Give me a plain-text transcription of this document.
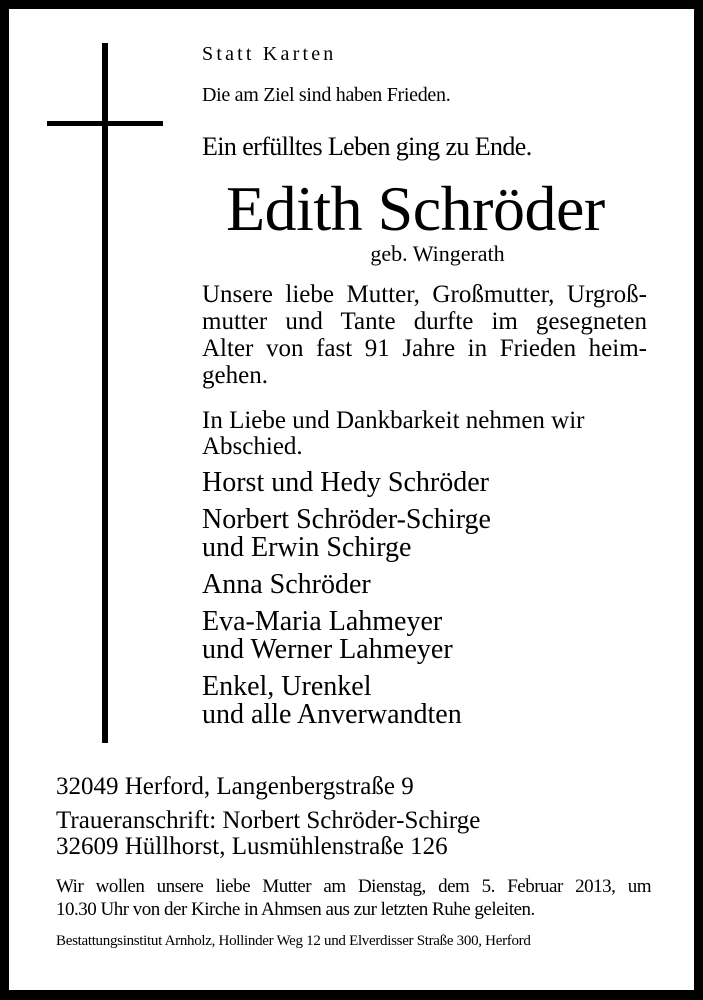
Statt Karten

Die am Ziel sind haben Frieden.

Ein erfülltes Leben ging zu Ende.

Edith Schröder

geb. Wingerath

Unsere liebe Mutter, Großmutter, Urgroß-
mutter und Tante durfte im gesegneten
Alter von fast 91 Jahre in Frieden heim-
gehen.
In Liebe und Dankbarkeit nehmen wir
Abschied.
Horst und Hedy Schröder
Norbert Schröder-Schirge
und Erwin Schirge
Anna Schröder
Eva-Maria Lahmeyer
und Werner Lahmeyer
Enkel, Urenkel
und alle Anverwandten
32049 Herford, Langenbergstraße 9
Traueranschrift: Norbert Schröder-Schirge
32609 Hüllhorst, Lusmühlenstraße 126
Wir wollen unsere liebe Mutter am Dienstag, dem 5. Februar 2013, um
10.30 Uhr von der Kirche in Ahmsen aus zur letzten Ruhe geleiten.

Bestattungsinstitut Arnholz, Hollinder Weg 12 und Elverdisser Straße 300, Herford
